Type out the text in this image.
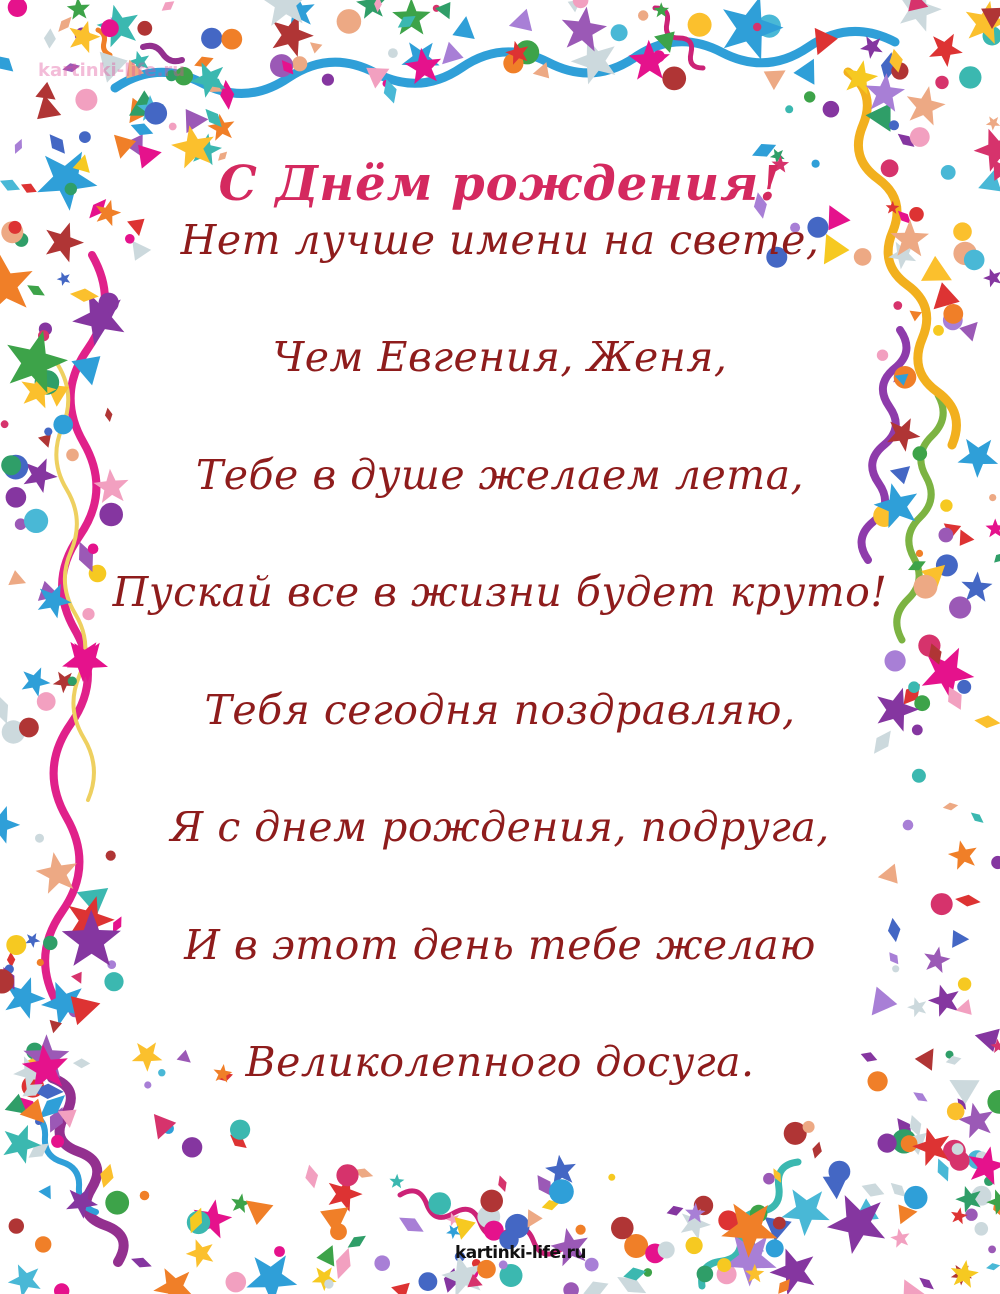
kartinki-life.ru
С Днём рождения!
Нет лучше имени на свете,
Чем Евгения, Женя,
Тебе в душе желаем лета,
Пускай все в жизни будет круто!
Тебя сегодня поздравляю,
Я с днем рождения, подруга,
И в этот день тебе желаю
Великолепного досуга.
kartinki-life.ru
